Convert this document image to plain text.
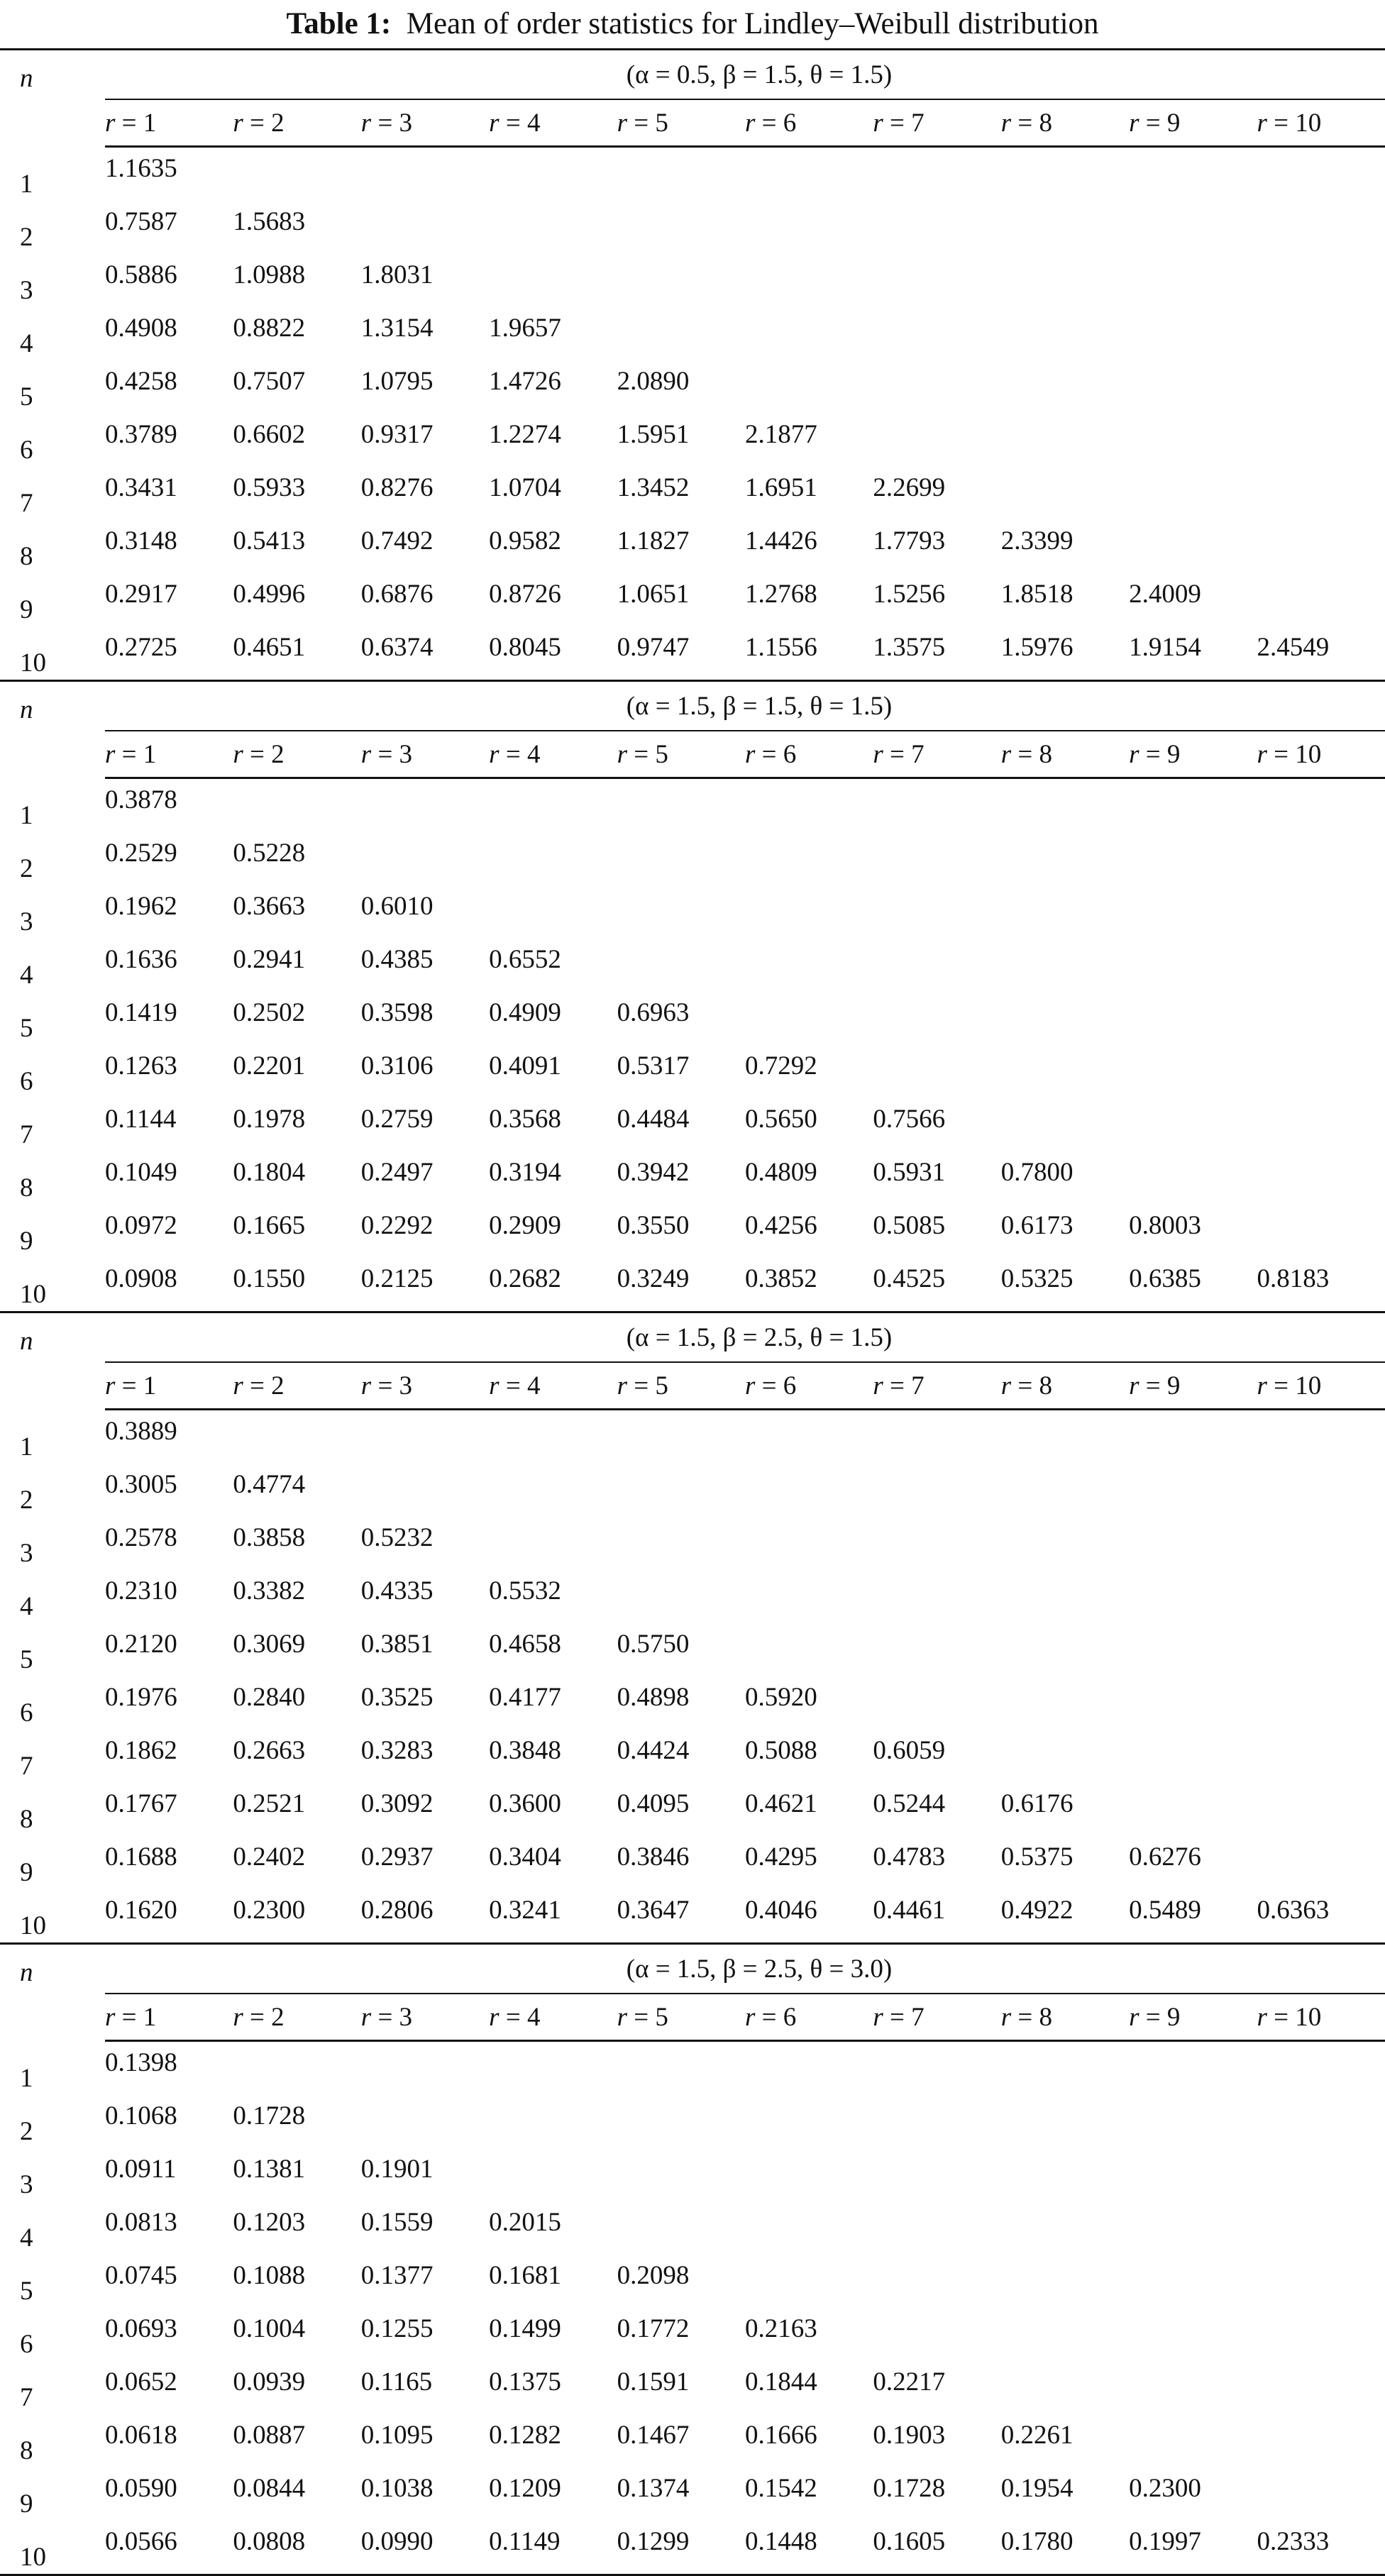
Table 1: Mean of order statistics for Lindley–Weibull distribution
n	(α = 0.5, β = 1.5, θ = 1.5)									
	r = 1	r = 2	r = 3	r = 4	r = 5	r = 6	r = 7	r = 8	r = 9	r = 10
1	1.1635									
2	0.7587	1.5683								
3	0.5886	1.0988	1.8031							
4	0.4908	0.8822	1.3154	1.9657						
5	0.4258	0.7507	1.0795	1.4726	2.0890					
6	0.3789	0.6602	0.9317	1.2274	1.5951	2.1877				
7	0.3431	0.5933	0.8276	1.0704	1.3452	1.6951	2.2699			
8	0.3148	0.5413	0.7492	0.9582	1.1827	1.4426	1.7793	2.3399		
9	0.2917	0.4996	0.6876	0.8726	1.0651	1.2768	1.5256	1.8518	2.4009	
10	0.2725	0.4651	0.6374	0.8045	0.9747	1.1556	1.3575	1.5976	1.9154	2.4549
n	(α = 1.5, β = 1.5, θ = 1.5)									
	r = 1	r = 2	r = 3	r = 4	r = 5	r = 6	r = 7	r = 8	r = 9	r = 10
1	0.3878									
2	0.2529	0.5228								
3	0.1962	0.3663	0.6010							
4	0.1636	0.2941	0.4385	0.6552						
5	0.1419	0.2502	0.3598	0.4909	0.6963					
6	0.1263	0.2201	0.3106	0.4091	0.5317	0.7292				
7	0.1144	0.1978	0.2759	0.3568	0.4484	0.5650	0.7566			
8	0.1049	0.1804	0.2497	0.3194	0.3942	0.4809	0.5931	0.7800		
9	0.0972	0.1665	0.2292	0.2909	0.3550	0.4256	0.5085	0.6173	0.8003	
10	0.0908	0.1550	0.2125	0.2682	0.3249	0.3852	0.4525	0.5325	0.6385	0.8183
n	(α = 1.5, β = 2.5, θ = 1.5)									
	r = 1	r = 2	r = 3	r = 4	r = 5	r = 6	r = 7	r = 8	r = 9	r = 10
1	0.3889									
2	0.3005	0.4774								
3	0.2578	0.3858	0.5232							
4	0.2310	0.3382	0.4335	0.5532						
5	0.2120	0.3069	0.3851	0.4658	0.5750					
6	0.1976	0.2840	0.3525	0.4177	0.4898	0.5920				
7	0.1862	0.2663	0.3283	0.3848	0.4424	0.5088	0.6059			
8	0.1767	0.2521	0.3092	0.3600	0.4095	0.4621	0.5244	0.6176		
9	0.1688	0.2402	0.2937	0.3404	0.3846	0.4295	0.4783	0.5375	0.6276	
10	0.1620	0.2300	0.2806	0.3241	0.3647	0.4046	0.4461	0.4922	0.5489	0.6363
n	(α = 1.5, β = 2.5, θ = 3.0)									
	r = 1	r = 2	r = 3	r = 4	r = 5	r = 6	r = 7	r = 8	r = 9	r = 10
1	0.1398									
2	0.1068	0.1728								
3	0.0911	0.1381	0.1901							
4	0.0813	0.1203	0.1559	0.2015						
5	0.0745	0.1088	0.1377	0.1681	0.2098					
6	0.0693	0.1004	0.1255	0.1499	0.1772	0.2163				
7	0.0652	0.0939	0.1165	0.1375	0.1591	0.1844	0.2217			
8	0.0618	0.0887	0.1095	0.1282	0.1467	0.1666	0.1903	0.2261		
9	0.0590	0.0844	0.1038	0.1209	0.1374	0.1542	0.1728	0.1954	0.2300	
10	0.0566	0.0808	0.0990	0.1149	0.1299	0.1448	0.1605	0.1780	0.1997	0.2333
